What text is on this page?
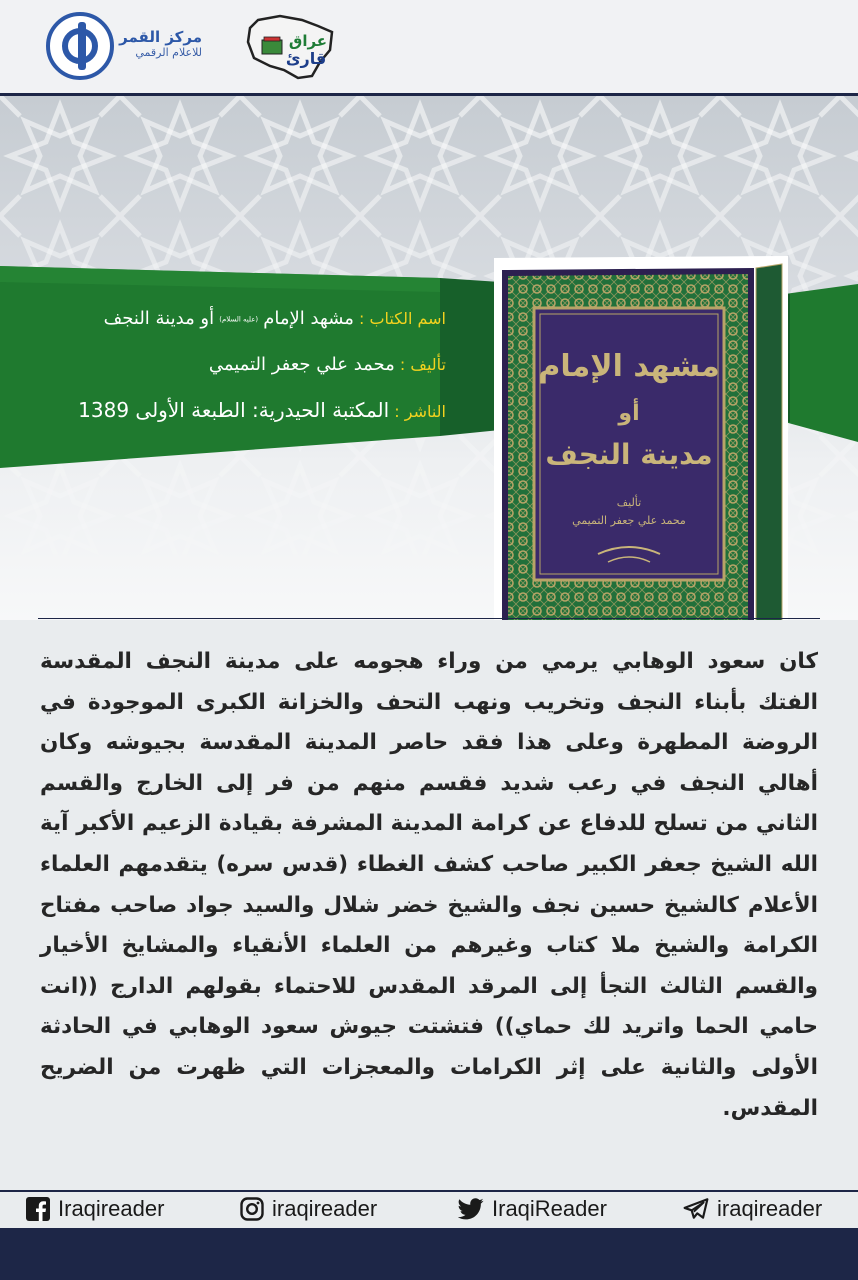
مركز القمر
للاعلام الرقمي
عراق
قارئ
اسم الكتاب : مشهد الإمام (عليه السلام) أو مدينة النجف
تأليف : محمد علي جعفر التميمي
الناشر : المكتبة الحيدرية: الطبعة الأولى 1389
مشهد الإمام
أو
مدينة النجف
تأليف
محمد علي جعفر التميمي
كان سعود الوهابي يرمي من وراء هجومه على مدينة النجف المقدسة الفتك بأبناء النجف وتخريب ونهب التحف والخزانة الكبرى الموجودة في الروضة المطهرة وعلى هذا فقد حاصر المدينة المقدسة بجيوشه وكان أهالي النجف في رعب شديد فقسم منهم من فر إلى الخارج والقسم الثاني من تسلح للدفاع عن كرامة المدينة المشرفة بقيادة الزعيم الأكبر آية الله الشيخ جعفر الكبير صاحب كشف الغطاء (قدس سره) يتقدمهم العلماء الأعلام كالشيخ حسين نجف والشيخ خضر شلال والسيد جواد صاحب مفتاح الكرامة والشيخ ملا كتاب وغيرهم من العلماء الأنقياء والمشايخ الأخيار والقسم الثالث التجأ إلى المرقد المقدس للاحتماء بقولهم الدارج ((انت حامي الحما واتريد لك حماي)) فتشتت جيوش سعود الوهابي في الحادثة الأولى والثانية على إثر الكرامات والمعجزات التي ظهرت من الضريح المقدس.
Iraqireader	iraqireader	IraqiReader	iraqireader
